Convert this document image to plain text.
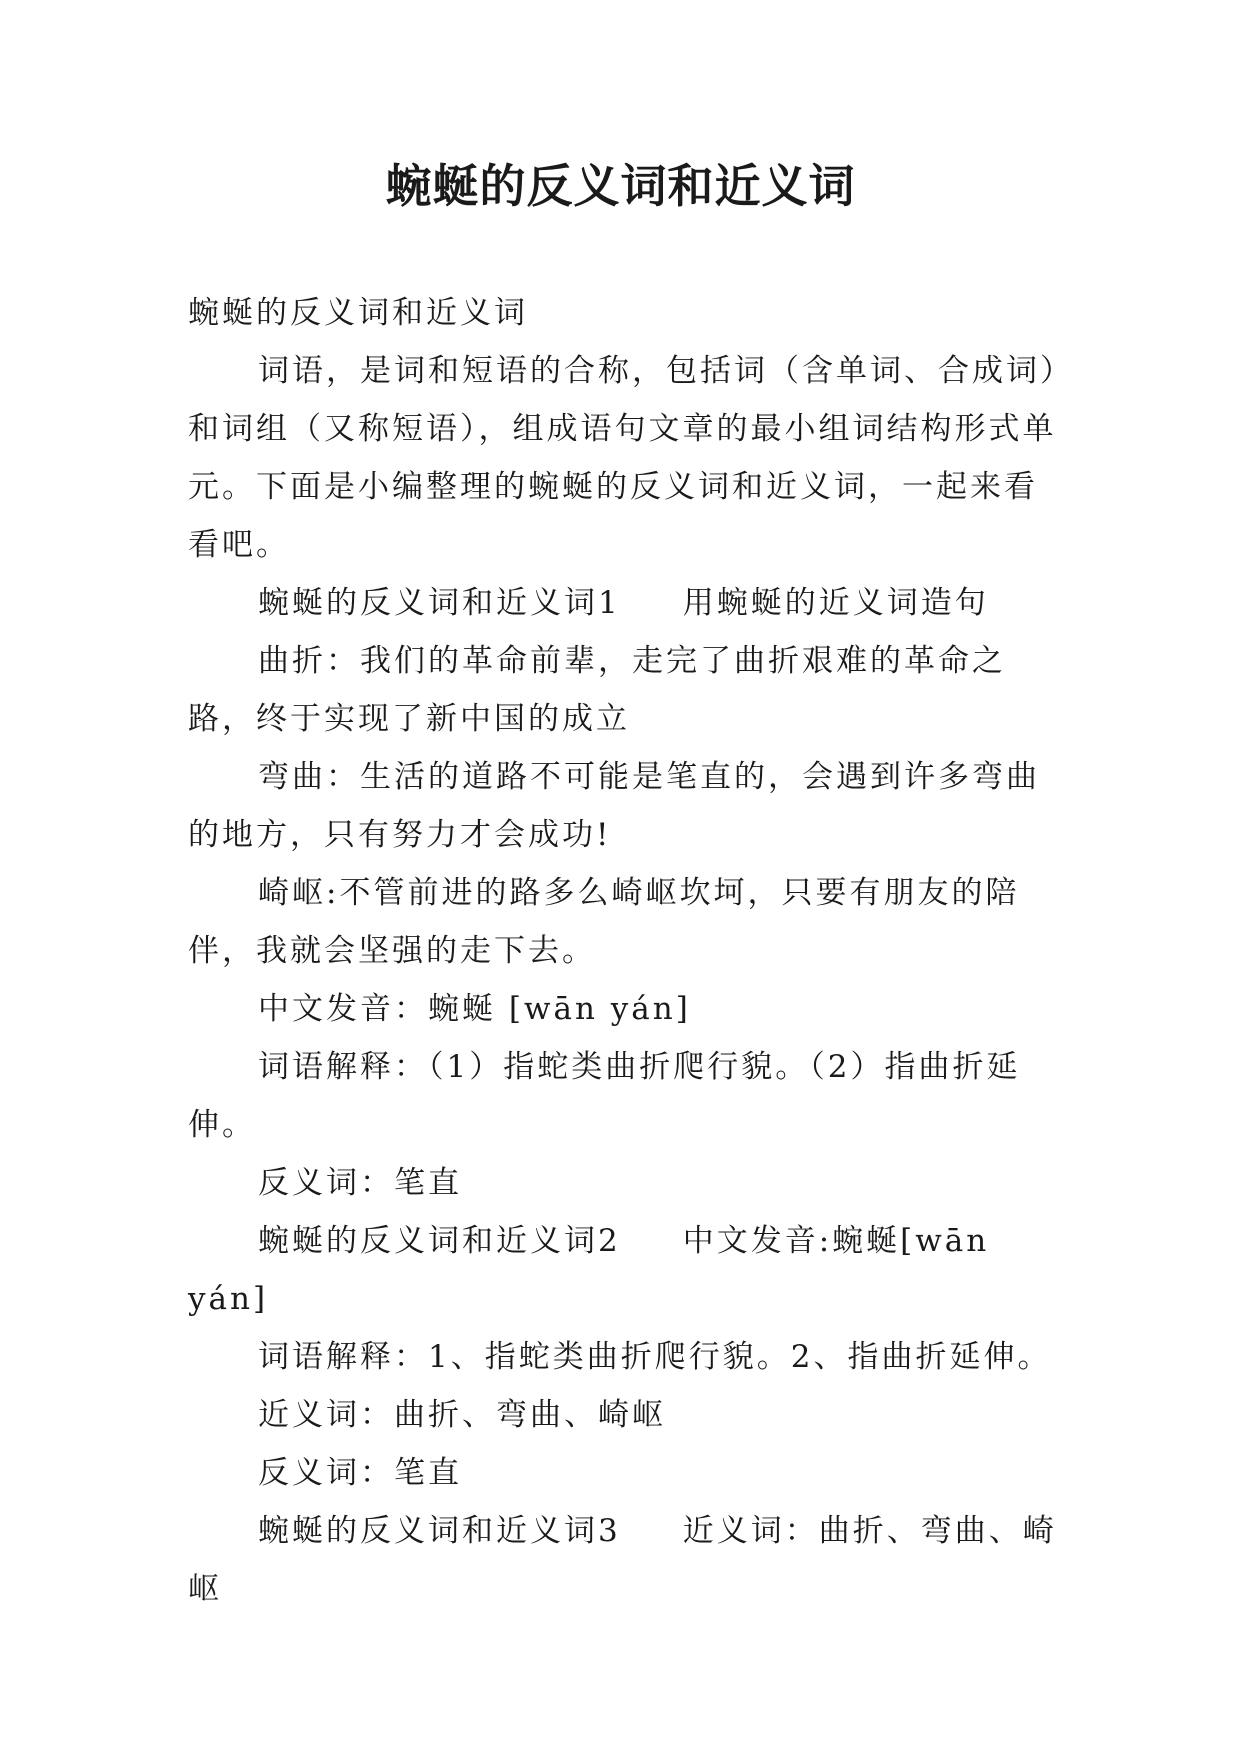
蜿蜒的反义词和近义词

蜿蜒的反义词和近义词

词语，是词和短语的合称，包括词（含单词、合成词）和词组（又称短语），组成语句文章的最小组词结构形式单元。下面是小编整理的蜿蜒的反义词和近义词，一起来看看吧。

蜿蜒的反义词和近义词1 用蜿蜒的近义词造句

曲折：我们的革命前辈，走完了曲折艰难的革命之路，终于实现了新中国的成立

弯曲：生活的道路不可能是笔直的，会遇到许多弯曲的地方，只有努力才会成功!

崎岖:不管前进的路多么崎岖坎坷，只要有朋友的陪伴，我就会坚强的走下去。

中文发音：蜿蜒 [wān yán]

词语解释：（1）指蛇类曲折爬行貌。（2）指曲折延伸。

反义词：笔直

蜿蜒的反义词和近义词2 中文发音:蜿蜒[wān yán]

词语解释：1、指蛇类曲折爬行貌。2、指曲折延伸。

近义词：曲折、弯曲、崎岖

反义词：笔直

蜿蜒的反义词和近义词3 近义词：曲折、弯曲、崎岖
